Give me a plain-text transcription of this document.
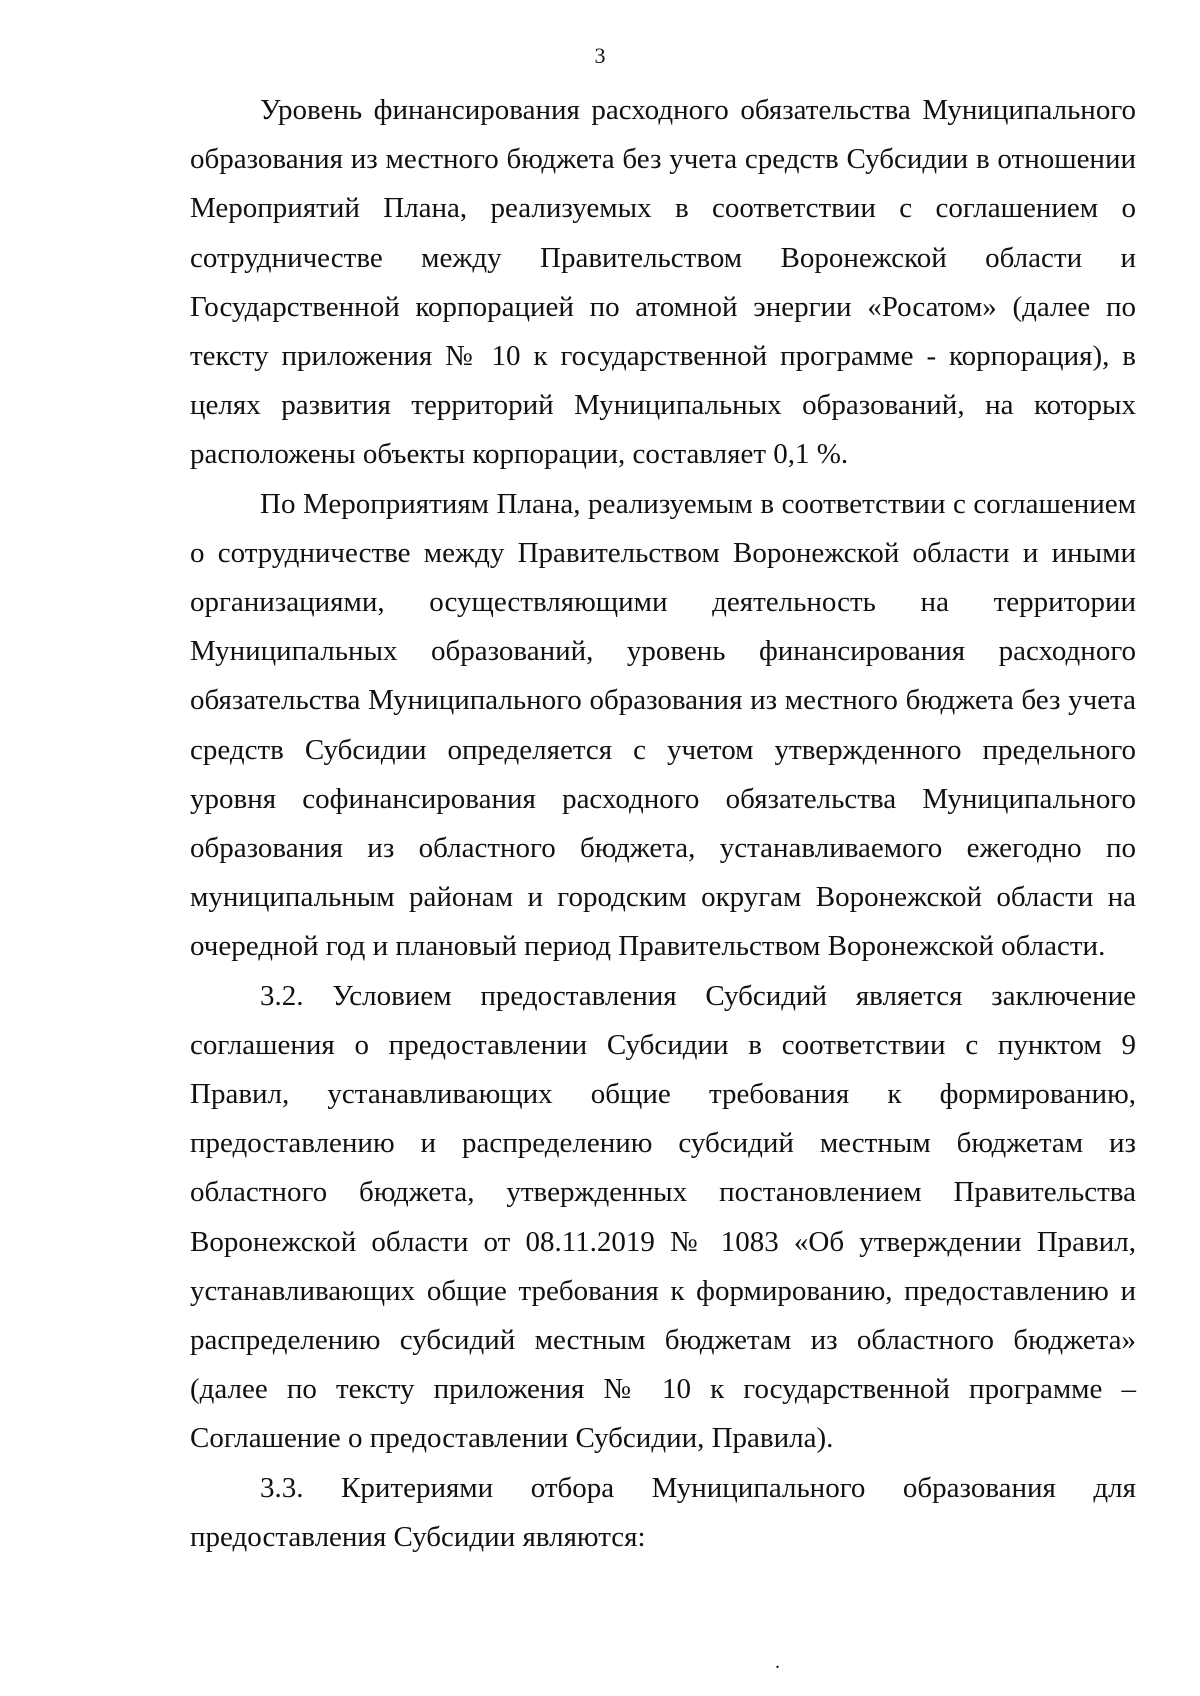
3

Уровень финансирования расходного обязательства Муниципального образования из местного бюджета без учета средств Субсидии в отношении Мероприятий Плана, реализуемых в соответствии с соглашением о сотрудничестве между Правительством Воронежской области и Государственной корпорацией по атомной энергии «Росатом» (далее по тексту приложения № 10 к государственной программе - корпорация), в целях развития территорий Муниципальных образований, на которых расположены объекты корпорации, составляет 0,1 %.

По Мероприятиям Плана, реализуемым в соответствии с соглашением о сотрудничестве между Правительством Воронежской области и иными организациями, осуществляющими деятельность на территории Муниципальных образований, уровень финансирования расходного обязательства Муниципального образования из местного бюджета без учета средств Субсидии определяется с учетом утвержденного предельного уровня софинансирования расходного обязательства Муниципального образования из областного бюджета, устанавливаемого ежегодно по муниципальным районам и городским округам Воронежской области на очередной год и плановый период Правительством Воронежской области.

3.2. Условием предоставления Субсидий является заключение соглашения о предоставлении Субсидии в соответствии с пунктом 9 Правил, устанавливающих общие требования к формированию, предоставлению и распределению субсидий местным бюджетам из областного бюджета, утвержденных постановлением Правительства Воронежской области от 08.11.2019 № 1083 «Об утверждении Правил, устанавливающих общие требования к формированию, предоставлению и распределению субсидий местным бюджетам из областного бюджета» (далее по тексту приложения № 10 к государственной программе – Соглашение о предоставлении Субсидии, Правила).

3.3. Критериями отбора Муниципального образования для предоставления Субсидии являются:

.
